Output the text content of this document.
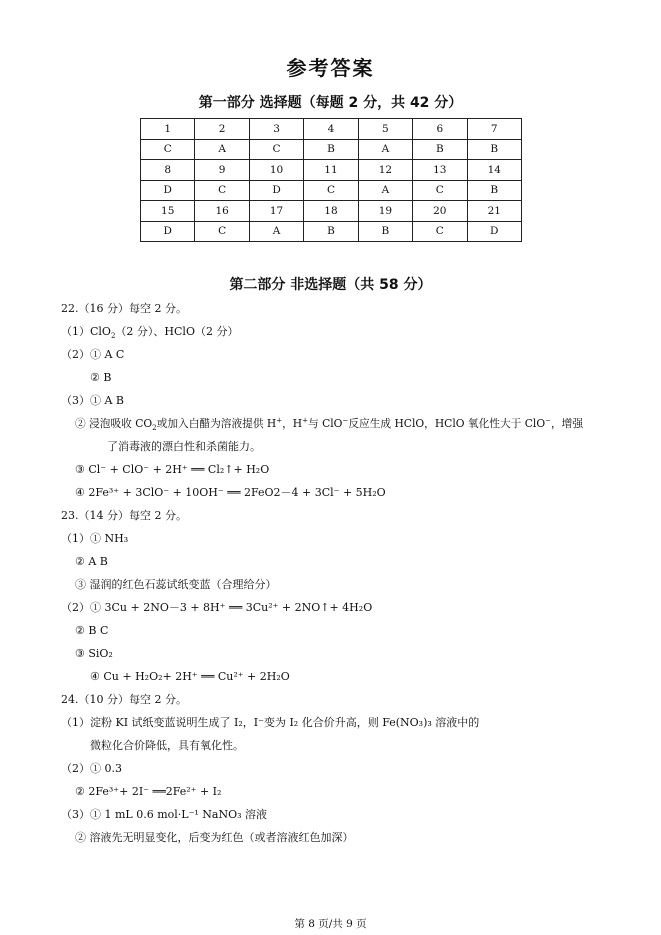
参考答案
第一部分 选择题（每题 2 分，共 42 分）
1	2	3	4	5	6	7
C	A	C	B	A	B	B
8	9	10	11	12	13	14
D	C	D	C	A	C	B
15	16	17	18	19	20	21
D	C	A	B	B	C	D
第二部分 非选择题（共 58 分）
22.（16 分）每空 2 分。
（1）ClO$_2$（2 分）、HClO（2 分）
（2）① A C
② B
（3）① A B
② 浸泡吸收 $CO_2$或加入白醋为溶液提供 H+，H+与 ClO−反应生成 HClO，HClO 氧化性大于 ClO−，增强
了消毒液的漂白性和杀菌能力。
③ Cl⁻ + ClO⁻ + 2H⁺ ══ Cl₂↑+ H₂O
④ 2Fe³⁺ + 3ClO⁻ + 10OH⁻ ══ 2FeO2－4 + 3Cl⁻ + 5H₂O
23.（14 分）每空 2 分。
（1）① NH₃
② A B
③ 湿润的红色石蕊试纸变蓝（合理给分）
（2）① 3Cu + 2NO－3 + 8H⁺ ══ 3Cu²⁺ + 2NO↑+ 4H₂O
② B C
③ SiO₂
④ Cu + H₂O₂+ 2H⁺ ══ Cu²⁺ + 2H₂O
24.（10 分）每空 2 分。
（1）淀粉 KI 试纸变蓝说明生成了 I₂，I⁻变为 I₂ 化合价升高，则 Fe(NO₃)₃ 溶液中的
微粒化合价降低，具有氧化性。
（2）① 0.3
② 2Fe³⁺+ 2I⁻ ══2Fe²⁺ + I₂
（3）① 1 mL 0.6 mol·L⁻¹ NaNO₃ 溶液
② 溶液先无明显变化，后变为红色（或者溶液红色加深）
第 8 页/共 9 页
